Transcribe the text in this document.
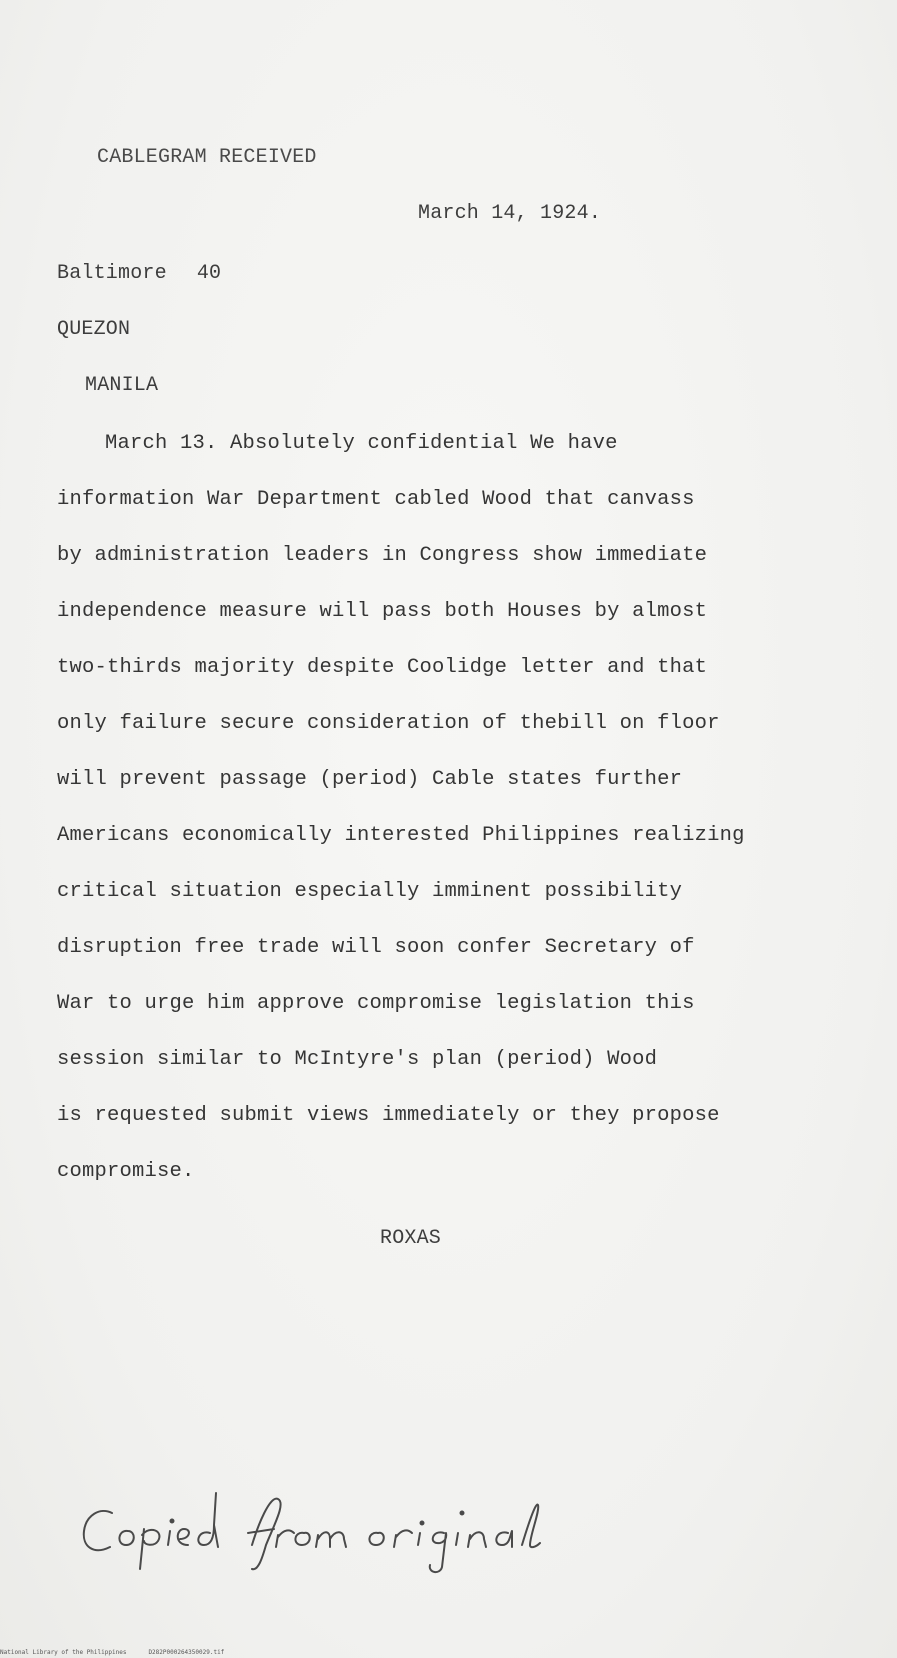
CABLEGRAM RECEIVED
March 14, 1924.
Baltimore 40
QUEZON
MANILA
March 13. Absolutely confidential We have
information War Department cabled Wood that canvass
by administration leaders in Congress show immediate
independence measure will pass both Houses by almost
two-thirds majority despite Coolidge letter and that
only failure secure consideration of thebill on floor
will prevent passage (period) Cable states further
Americans economically interested Philippines realizing
critical situation especially imminent possibility
disruption free trade will soon confer Secretary of
War to urge him approve compromise legislation this
session similar to McIntyre's plan (period) Wood
is requested submit views immediately or they propose
compromise.
ROXAS
National Library of the Philippines	D282P000264350029.tif
